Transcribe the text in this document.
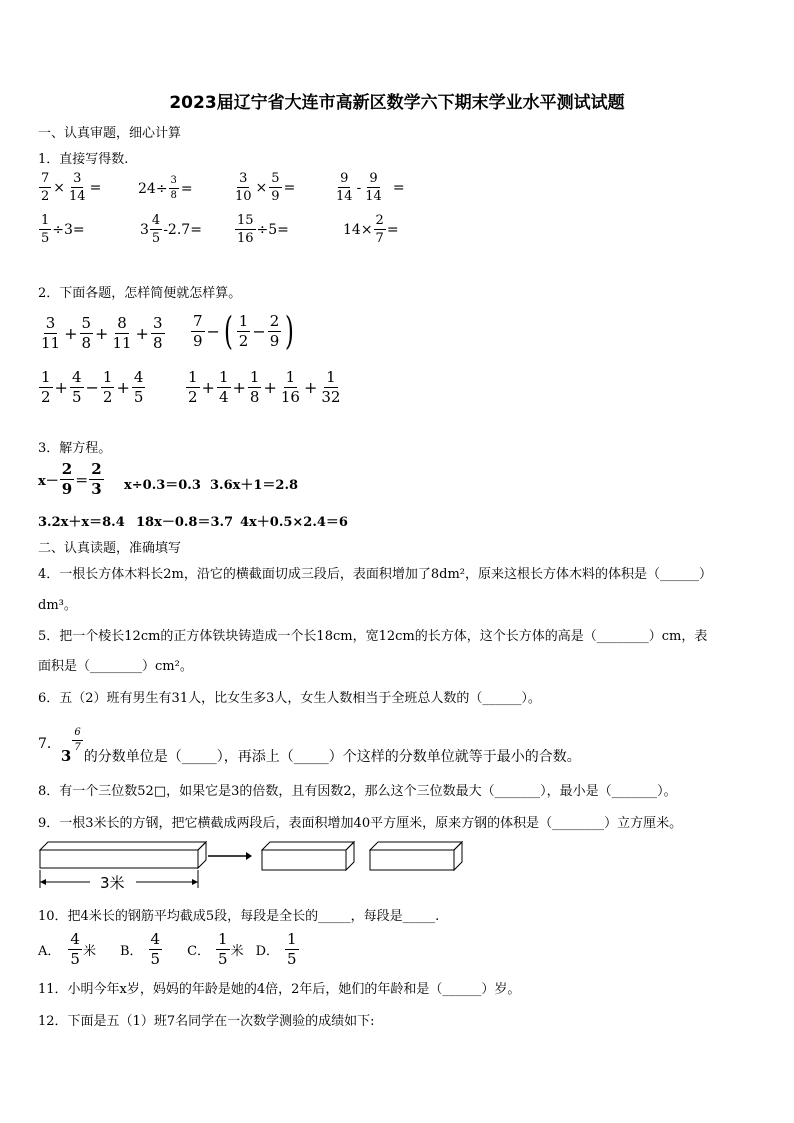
2023届辽宁省大连市高新区数学六下期末学业水平测试试题
一、认真审题，细心计算
1．直接写得数.
$\frac{7}{2} \times \frac{3}{14}$ =	$24\div \frac{3}{8}$ =	$\frac{3}{10} \times \frac{5}{9}$ =	$\frac{9}{14} - \frac{9}{14}$ =
$\frac{1}{5} \div 3=$	$3 \frac{4}{5} -2.7=$	$\frac{15}{16} \div 5=$	$14\times \frac{2}{7}$ =
2．下面各题，怎样简便就怎样算。
$\frac{3}{11} + \frac{5}{8} + \frac{8}{11} + \frac{3}{8} \frac{7}{9}$ − ( $\frac{1}{2} - \frac{2}{9}$ )
$\frac{1}{2} + \frac{4}{5} - \frac{1}{2} + \frac{4}{5}$	$\frac{1}{2} + \frac{1}{4} + \frac{1}{8} + \frac{1}{16} + \frac{1}{32}$
3．解方程。
$x- \frac{2}{9} = \frac{2}{3} x\div 0.3=0.3$ 3.6x＋1＝2.8
3.2x＋x＝8.4 18x－0.8＝3.7 4x＋0.5×2.4＝6
二、认真读题，准确填写
4．一根长方体木料长2m，沿它的横截面切成三段后，表面积增加了8dm²，原来这根长方体木料的体积是（______）
dm³。
5．把一个棱长12cm的正方体铁块铸造成一个长18cm，宽12cm的长方体，这个长方体的高是（________）cm，表
面积是（________）cm²。
6．五（2）班有男生有31人，比女生多3人，女生人数相当于全班总人数的（______）。
7．
3
$\frac{6}{7}$
的分数单位是（_____），再添上（_____）个这样的分数单位就等于最小的合数。
8．有一个三位数52□，如果它是3的倍数，且有因数2，那么这个三位数最大（_______），最小是（_______）。
9．一根3米长的方钢，把它横截成两段后，表面积增加40平方厘米，原来方钢的体积是（________）立方厘米。
3米
10．把4米长的钢筋平均截成5段，每段是全长的_____，每段是_____.
A． $\frac{4}{5}$ 米 B． $\frac{4}{5}$ C． $\frac{1}{5}$ 米 D． $\frac{1}{5}$
11．小明今年x岁，妈妈的年龄是她的4倍，2年后，她们的年龄和是（______）岁。
12．下面是五（1）班7名同学在一次数学测验的成绩如下:
